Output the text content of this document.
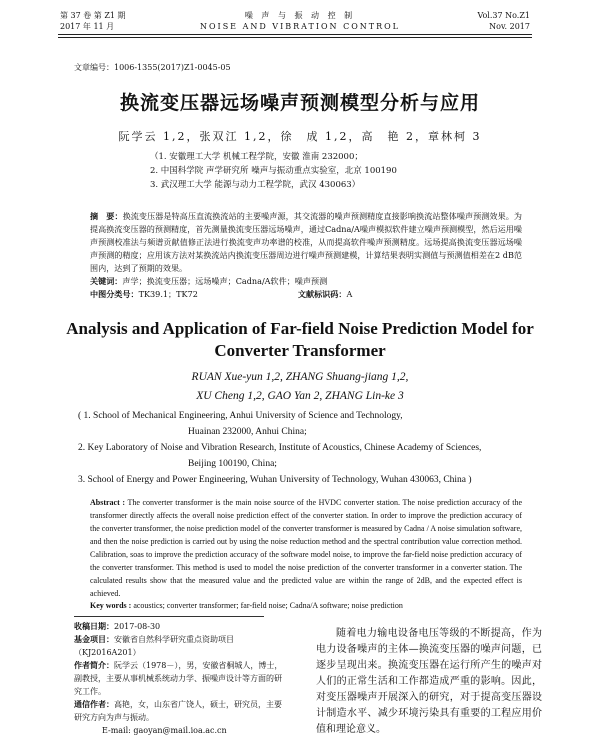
第 37 卷 第 Z1 期
2017 年 11 月
噪 声 与 振 动 控 制
NOISE AND VIBRATION CONTROL
Vol.37 No.Z1
Nov. 2017
文章编号：1006-1355(2017)Z1-0045-05
换流变压器远场噪声预测模型分析与应用
阮学云 1,2，张双江 1,2，徐　成 1,2，高　艳 2，章林柯 3
（1. 安徽理工大学 机械工程学院，安徽 淮南 232000；
2. 中国科学院 声学研究所 噪声与振动重点实验室，北京 100190
3. 武汉理工大学 能源与动力工程学院，武汉 430063）
摘　要：换流变压器是特高压直流换流站的主要噪声源，其交流器的噪声预测精度直接影响换流站整体噪声预测效果。为提高换流变压器的预测精度，首先测量换流变压器远场噪声，通过Cadna/A噪声模拟软件建立噪声预测模型，然后运用噪声预测校准法与频谱贡献值修正法进行换流变声功率谱的校准，从而提高软件噪声预测精度。远场提高换流变压器远场噪声预测的精度；应用该方法对某换流站内换流变压器周边进行噪声预测建模，计算结果表明实测值与预测值相差在2 dB范围内，达到了预期的效果。
关键词：声学；换流变压器；远场噪声；Cadna/A软件；噪声预测
中图分类号：TK39.1；TK72	文献标识码：A
Analysis and Application of Far-field Noise Prediction Model for
Converter Transformer
RUAN Xue-yun 1,2, ZHANG Shuang-jiang 1,2,
XU Cheng 1,2, GAO Yan 2, ZHANG Lin-ke 3
( 1. School of Mechanical Engineering, Anhui University of Science and Technology,
Huainan 232000, Anhui China;
2. Key Laboratory of Noise and Vibration Research, Institute of Acoustics, Chinese Academy of Sciences,
Beijing 100190, China;
3. School of Energy and Power Engineering, Wuhan University of Technology, Wuhan 430063, China )
Abstract : The converter transformer is the main noise source of the HVDC converter station. The noise prediction accuracy of the transformer directly affects the overall noise prediction effect of the converter station. In order to improve the prediction accuracy of the converter transformer, the noise prediction model of the converter transformer is measured by Cadna / A noise simulation software, and then the noise prediction is carried out by using the noise reduction method and the spectral contribution value correction method. Calibration, soas to improve the prediction accuracy of the software model noise, to improve the far-field noise prediction accuracy of the converter transformer. This method is used to model the noise prediction of the converter transformer in a converter station. The calculated results show that the measured value and the predicted value are within the range of 2dB, and the expected effect is achieved.
Key words : acoustics; converter transformer; far-field noise; Cadna/A software; noise prediction
收稿日期：2017-08-30
基金项目：安徽省自然科学研究重点资助项目（KJ2016A201）
作者简介：阮学云（1978－），男，安徽省桐城人，博士，副教授，主要从事机械系统动力学、振噪声设计等方面的研究工作。
通信作者：高艳，女，山东省广饶人，硕士，研究员，主要研究方向为声与振动。
E-mail: gaoyan@mail.ioa.ac.cn
随着电力输电设备电压等级的不断提高，作为电力设备噪声的主体—换流变压器的噪声问题，已逐步呈现出来。换流变压器在运行所产生的噪声对人们的正常生活和工作都造成严重的影响。因此，对变压器噪声开展深入的研究，对于提高变压器设计制造水平、减少环境污染具有重要的工程应用价值和理论意义。
